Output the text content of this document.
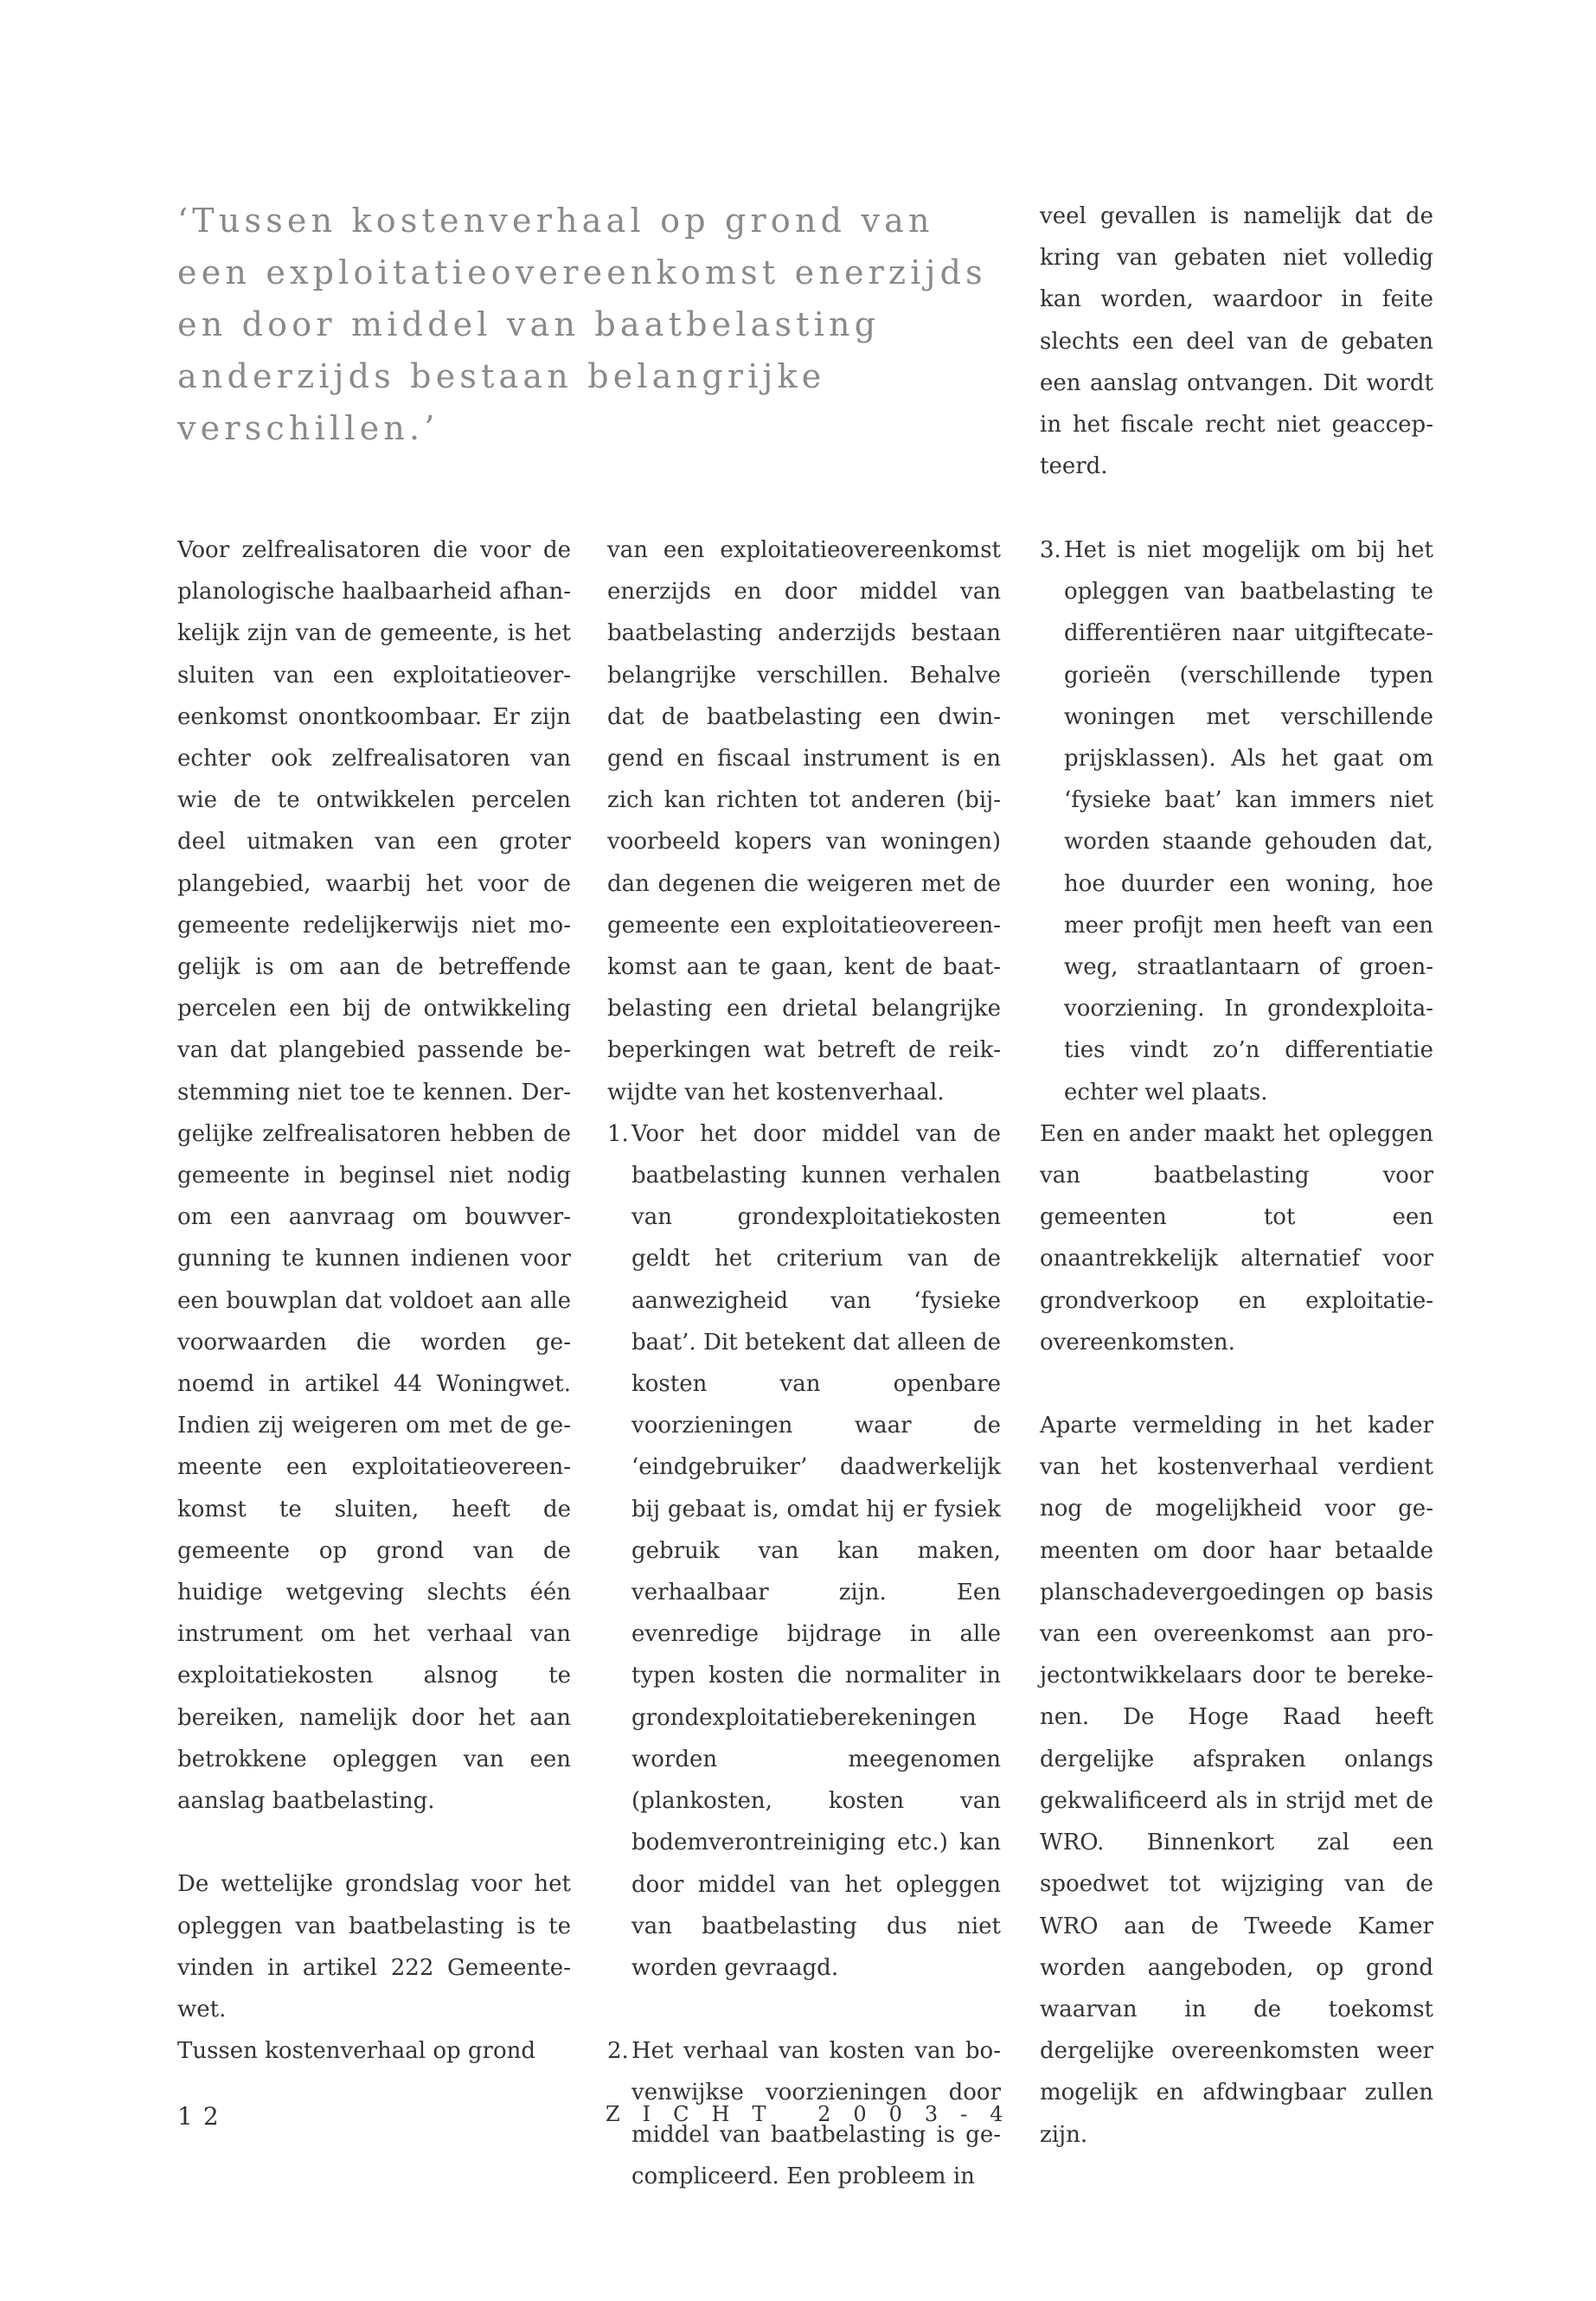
‘Tussen kostenverhaal op grond van een exploitatieovereenkomst enerzijds en door middel van baatbelasting anderzijds bestaan belangrijke verschillen.’

veel gevallen is namelijk dat de kring van gebaten niet volledig kan worden, waardoor in feite slechts een deel van de gebaten een aanslag ontvangen. Dit wordt in het fiscale recht niet geaccepteerd.

Voor zelfrealisatoren die voor de planologische haalbaarheid afhankelijk zijn van de gemeente, is het sluiten van een exploitatieovereenkomst onontkoombaar. Er zijn echter ook zelfrealisatoren van wie de te ontwikkelen percelen deel uitmaken van een groter plangebied, waarbij het voor de gemeente redelijkerwijs niet mogelijk is om aan de betreffende percelen een bij de ontwikkeling van dat plangebied passende bestemming niet toe te kennen. Dergelijke zelfrealisatoren hebben de gemeente in beginsel niet nodig om een aanvraag om bouwvergunning te kunnen indienen voor een bouwplan dat voldoet aan alle voorwaarden die worden genoemd in artikel 44 Woningwet. Indien zij weigeren om met de gemeente een exploitatieovereenkomst te sluiten, heeft de gemeente op grond van de huidige wetgeving slechts één instrument om het verhaal van exploitatiekosten alsnog te bereiken, namelijk door het aan betrokkene opleggen van een aanslag baatbelasting.

De wettelijke grondslag voor het opleggen van baatbelasting is te vinden in artikel 222 Gemeentewet.

Tussen kostenverhaal op grond

van een exploitatieovereenkomst enerzijds en door middel van baatbelasting anderzijds bestaan belangrijke verschillen. Behalve dat de baatbelasting een dwingend en fiscaal instrument is en zich kan richten tot anderen (bijvoorbeeld kopers van woningen) dan degenen die weigeren met de gemeente een exploitatieovereenkomst aan te gaan, kent de baatbelasting een drietal belangrijke beperkingen wat betreft de reikwijdte van het kostenverhaal.

1. Voor het door middel van de baatbelasting kunnen verhalen van grondexploitatiekosten geldt het criterium van de aanwezigheid van ‘fysieke baat’. Dit betekent dat alleen de kosten van openbare voorzieningen waar de ‘eindgebruiker’ daadwerkelijk bij gebaat is, omdat hij er fysiek gebruik van kan maken, verhaalbaar zijn. Een evenredige bijdrage in alle typen kosten die normaliter in grondexploitatieberekeningen worden meegenomen (plankosten, kosten van bodemverontreiniging etc.) kan door middel van het opleggen van baatbelasting dus niet worden gevraagd.
2. Het verhaal van kosten van bovenwijkse voorzieningen door middel van baatbelasting is gecompliceerd. Een probleem in
3. Het is niet mogelijk om bij het opleggen van baatbelasting te differentiëren naar uitgiftecategorieën (verschillende typen woningen met verschillende prijsklassen). Als het gaat om ‘fysieke baat’ kan immers niet worden staande gehouden dat, hoe duurder een woning, hoe meer profijt men heeft van een weg, straatlantaarn of groenvoorziening. In grondexploitaties vindt zo’n differentiatie echter wel plaats.

Een en ander maakt het opleggen van baatbelasting voor gemeenten tot een onaantrekkelijk alternatief voor grondverkoop en exploitatieovereenkomsten.

Aparte vermelding in het kader van het kostenverhaal verdient nog de mogelijkheid voor gemeenten om door haar betaalde planschadevergoedingen op basis van een overeenkomst aan projectontwikkelaars door te berekenen. De Hoge Raad heeft dergelijke afspraken onlangs gekwalificeerd als in strijd met de WRO. Binnenkort zal een spoedwet tot wijziging van de WRO aan de Tweede Kamer worden aangeboden, op grond waarvan in de toekomst dergelijke overeenkomsten weer mogelijk en afdwingbaar zullen zijn.

12	ZICHT 2003-4
